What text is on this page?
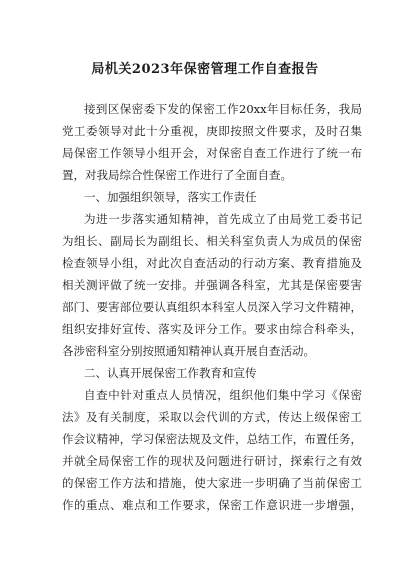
局机关2023年保密管理工作自查报告
接到区保密委下发的保密工作20xx年目标任务，我局
党工委领导对此十分重视，庚即按照文件要求，及时召集
局保密工作领导小组开会，对保密自查工作进行了统一布
置，对我局综合性保密工作进行了全面自查。
一、加强组织领导，落实工作责任
为进一步落实通知精神，首先成立了由局党工委书记
为组长、副局长为副组长、相关科室负责人为成员的保密
检查领导小组，对此次自查活动的行动方案、教育措施及
相关测评做了统一安排。并强调各科室，尤其是保密要害
部门、要害部位要认真组织本科室人员深入学习文件精神，
组织安排好宣传、落实及评分工作。要求由综合科牵头，
各涉密科室分别按照通知精神认真开展自查活动。
二、认真开展保密工作教育和宣传
自查中针对重点人员情况，组织他们集中学习《保密
法》及有关制度，采取以会代训的方式，传达上级保密工
作会议精神，学习保密法规及文件，总结工作，布置任务，
并就全局保密工作的现状及问题进行研讨，探索行之有效
的保密工作方法和措施，使大家进一步明确了当前保密工
作的重点、难点和工作要求，保密工作意识进一步增强，
